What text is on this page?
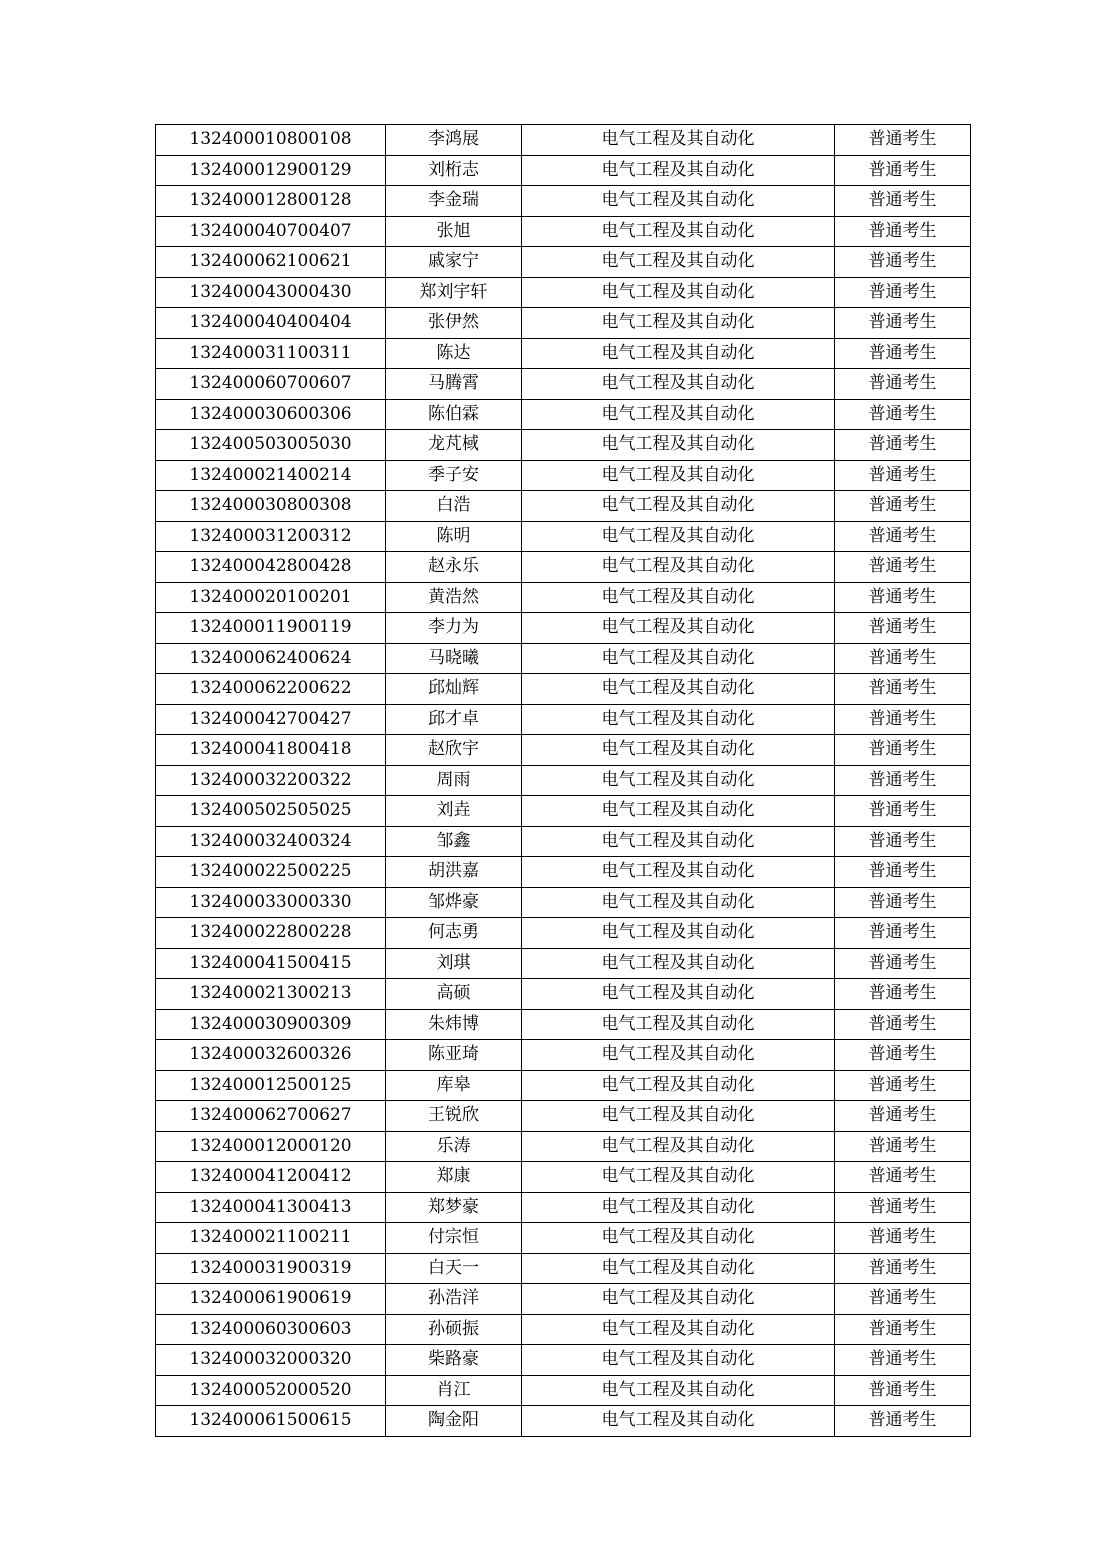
132400010800108	李鸿展	电气工程及其自动化	普通考生
132400012900129	刘桁志	电气工程及其自动化	普通考生
132400012800128	李金瑞	电气工程及其自动化	普通考生
132400040700407	张旭	电气工程及其自动化	普通考生
132400062100621	戚家宁	电气工程及其自动化	普通考生
132400043000430	郑刘宇轩	电气工程及其自动化	普通考生
132400040400404	张伊然	电气工程及其自动化	普通考生
132400031100311	陈达	电气工程及其自动化	普通考生
132400060700607	马腾霄	电气工程及其自动化	普通考生
132400030600306	陈伯霖	电气工程及其自动化	普通考生
132400503005030	龙芃棫	电气工程及其自动化	普通考生
132400021400214	季子安	电气工程及其自动化	普通考生
132400030800308	白浩	电气工程及其自动化	普通考生
132400031200312	陈明	电气工程及其自动化	普通考生
132400042800428	赵永乐	电气工程及其自动化	普通考生
132400020100201	黄浩然	电气工程及其自动化	普通考生
132400011900119	李力为	电气工程及其自动化	普通考生
132400062400624	马晓曦	电气工程及其自动化	普通考生
132400062200622	邱灿辉	电气工程及其自动化	普通考生
132400042700427	邱才卓	电气工程及其自动化	普通考生
132400041800418	赵欣宇	电气工程及其自动化	普通考生
132400032200322	周雨	电气工程及其自动化	普通考生
132400502505025	刘垚	电气工程及其自动化	普通考生
132400032400324	邹鑫	电气工程及其自动化	普通考生
132400022500225	胡洪嘉	电气工程及其自动化	普通考生
132400033000330	邹烨豪	电气工程及其自动化	普通考生
132400022800228	何志勇	电气工程及其自动化	普通考生
132400041500415	刘琪	电气工程及其自动化	普通考生
132400021300213	高硕	电气工程及其自动化	普通考生
132400030900309	朱炜博	电气工程及其自动化	普通考生
132400032600326	陈亚琦	电气工程及其自动化	普通考生
132400012500125	库皋	电气工程及其自动化	普通考生
132400062700627	王锐欣	电气工程及其自动化	普通考生
132400012000120	乐涛	电气工程及其自动化	普通考生
132400041200412	郑康	电气工程及其自动化	普通考生
132400041300413	郑梦豪	电气工程及其自动化	普通考生
132400021100211	付宗恒	电气工程及其自动化	普通考生
132400031900319	白天一	电气工程及其自动化	普通考生
132400061900619	孙浩洋	电气工程及其自动化	普通考生
132400060300603	孙硕振	电气工程及其自动化	普通考生
132400032000320	柴路豪	电气工程及其自动化	普通考生
132400052000520	肖江	电气工程及其自动化	普通考生
132400061500615	陶金阳	电气工程及其自动化	普通考生
